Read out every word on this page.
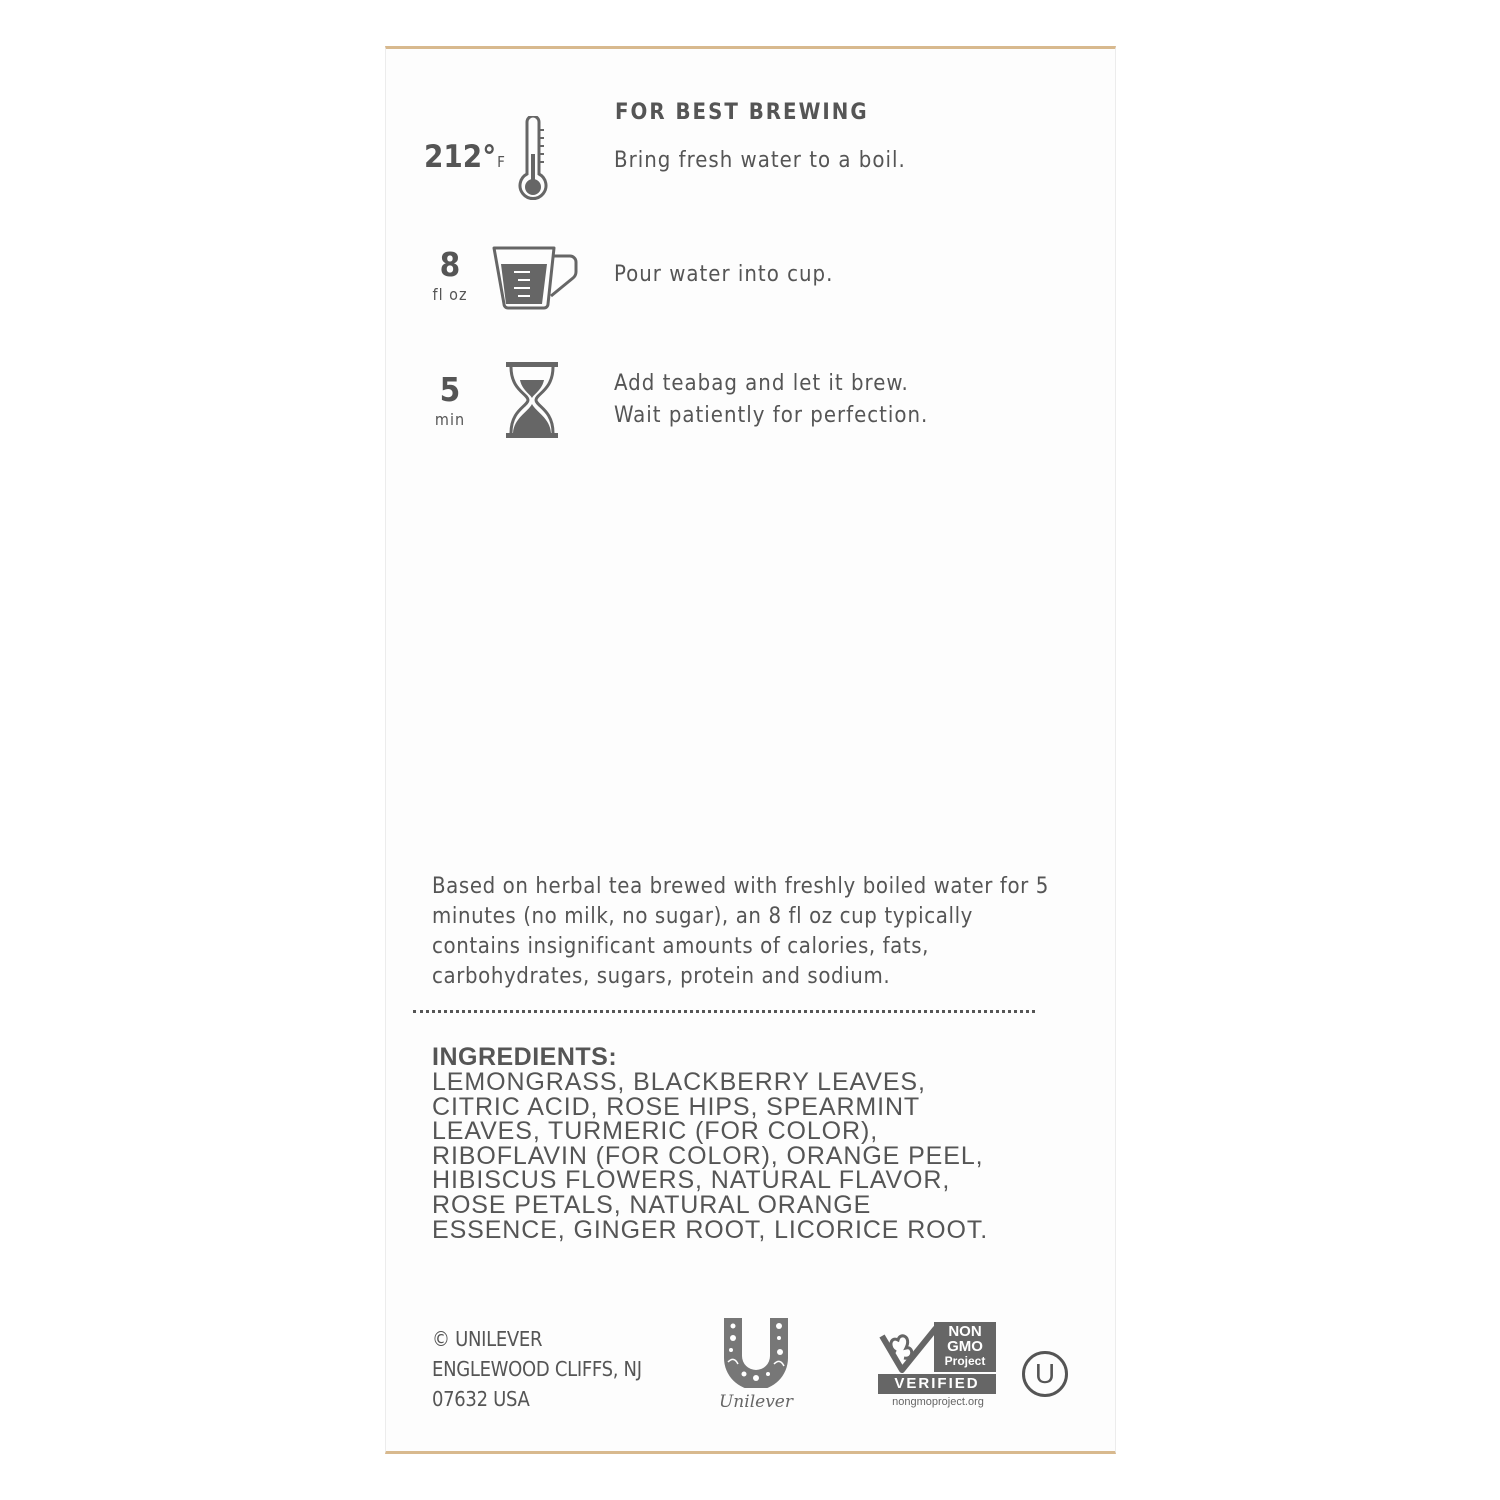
FOR BEST BREWING
212°F	Bring fresh water to a boil.
8
fl oz
Pour water into cup.
5
min
Add teabag and let it brew.
Wait patiently for perfection.
Based on herbal tea brewed with freshly boiled water for 5 minutes (no milk, no sugar), an 8 fl oz cup typically contains insignificant amounts of calories, fats, carbohydrates, sugars, protein and sodium.
INGREDIENTS:
LEMONGRASS, BLACKBERRY LEAVES,
CITRIC ACID, ROSE HIPS, SPEARMINT
LEAVES, TURMERIC (FOR COLOR),
RIBOFLAVIN (FOR COLOR), ORANGE PEEL,
HIBISCUS FLOWERS, NATURAL FLAVOR,
ROSE PETALS, NATURAL ORANGE
ESSENCE, GINGER ROOT, LICORICE ROOT.
© UNILEVER
ENGLEWOOD CLIFFS, NJ
07632 USA	Unilever
NON
GMO
Project
VERIFIED
nongmoproject.org
U
